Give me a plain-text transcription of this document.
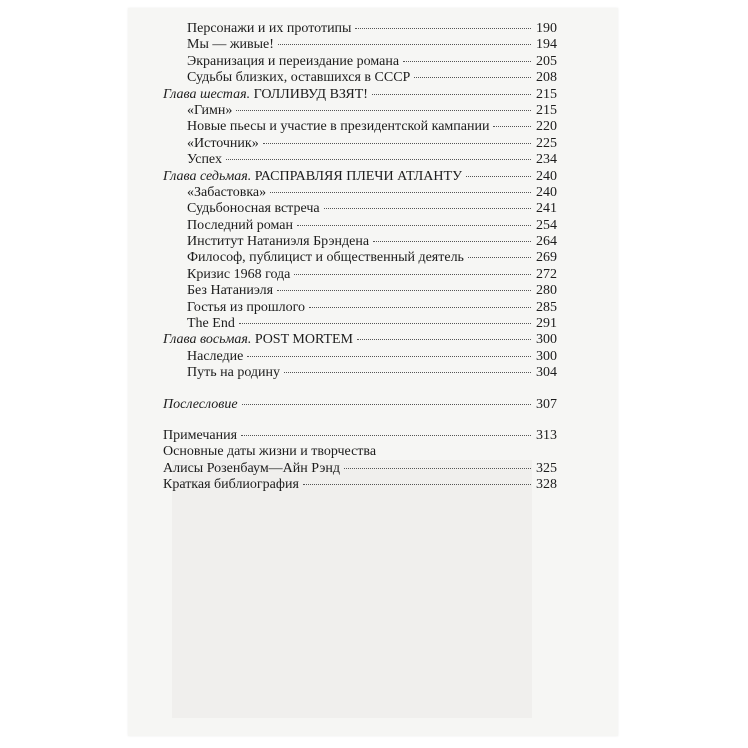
Персонажи и их прототипы	190
Мы — живые!	194
Экранизация и переиздание романа	205
Судьбы близких, оставшихся в СССР	208
Глава шестая. ГОЛЛИВУД ВЗЯТ!	215
«Гимн»	215
Новые пьесы и участие в президентской кампании	220
«Источник»	225
Успех	234
Глава седьмая. РАСПРАВЛЯЯ ПЛЕЧИ АТЛАНТУ	240
«Забастовка»	240
Судьбоносная встреча	241
Последний роман	254
Институт Натаниэля Брэндена	264
Философ, публицист и общественный деятель	269
Кризис 1968 года	272
Без Натаниэля	280
Гостья из прошлого	285
The End	291
Глава восьмая. POST MORTEM	300
Наследие	300
Путь на родину	304
Послесловие	307
Примечания	313
Основные даты жизни и творчества
Алисы Розенбаум—Айн Рэнд	325
Краткая библиография	328
